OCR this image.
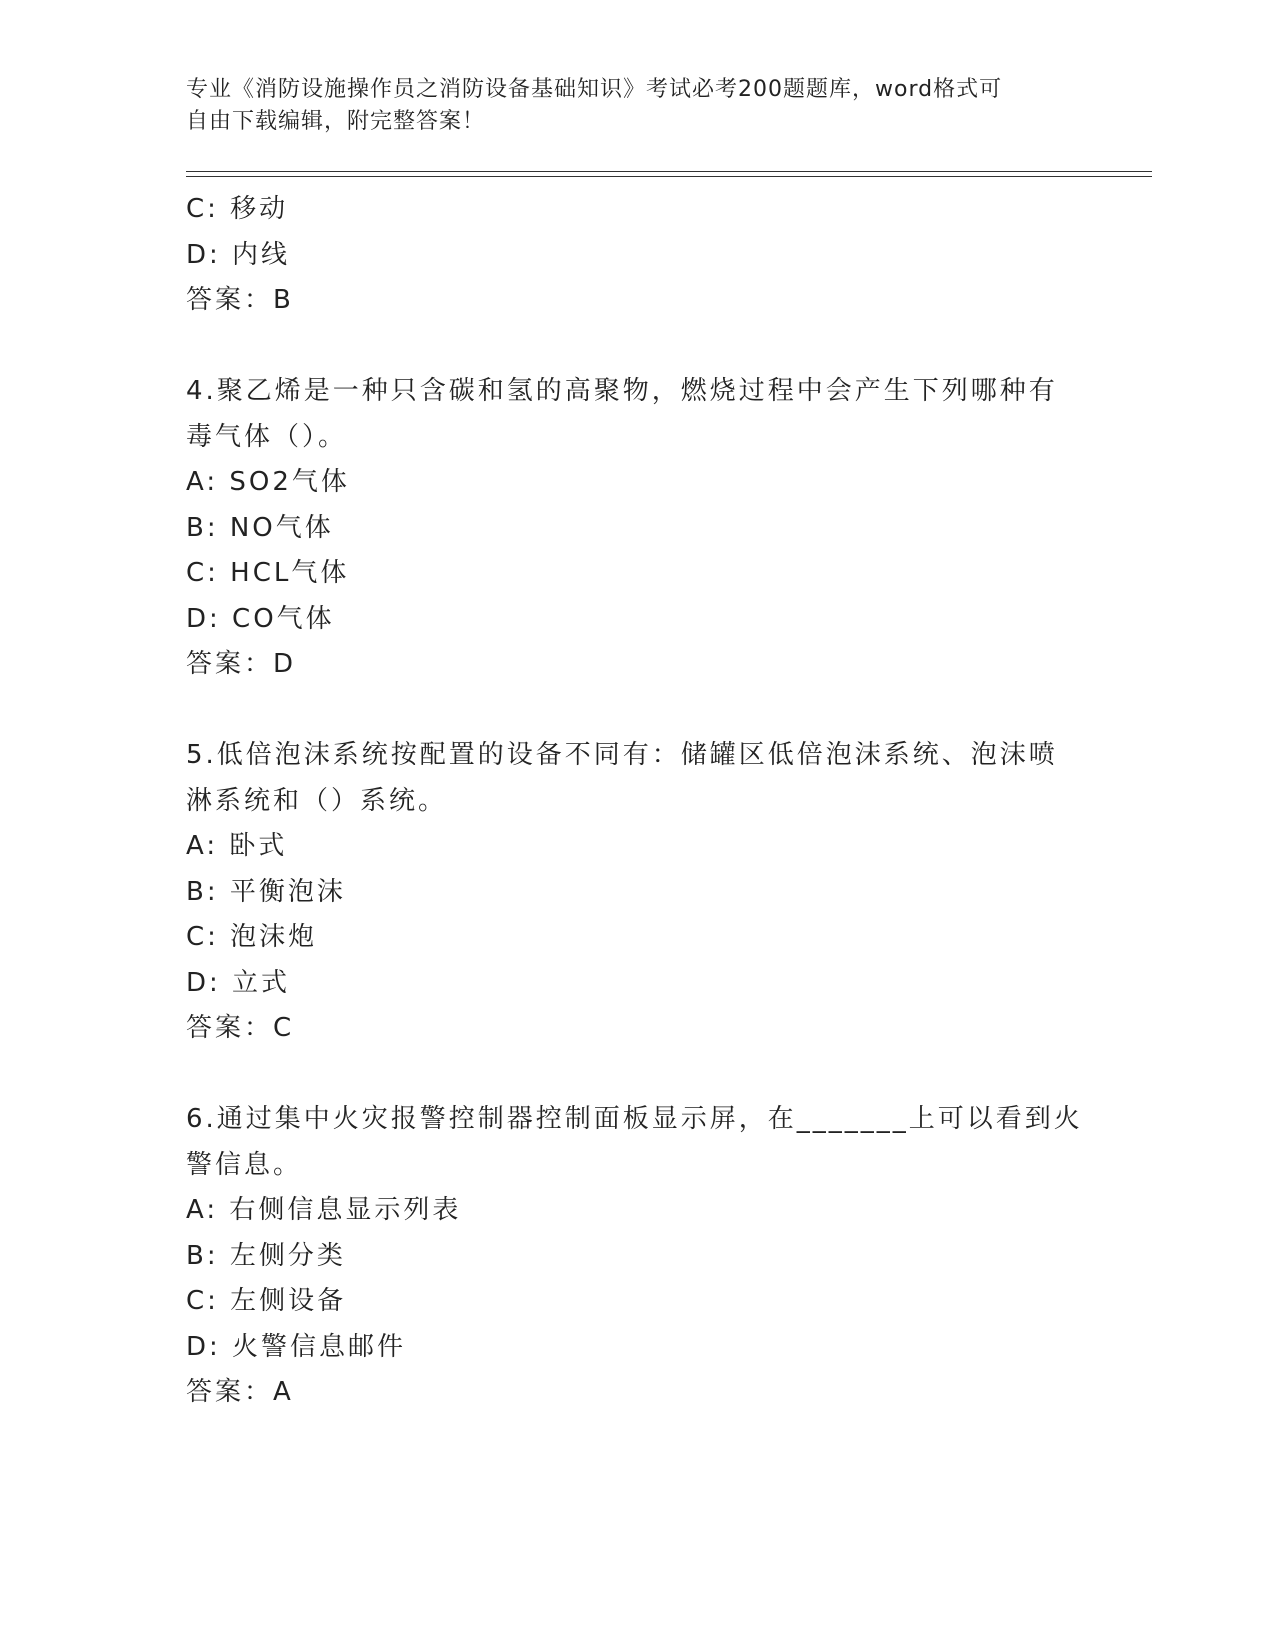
专业《消防设施操作员之消防设备基础知识》考试必考200题题库，word格式可
自由下载编辑，附完整答案！
C: 移动
D: 内线
答案：B
4.聚乙烯是一种只含碳和氢的高聚物，燃烧过程中会产生下列哪种有
毒气体（）。
A: SO2气体
B: NO气体
C: HCL气体
D: CO气体
答案：D
5.低倍泡沫系统按配置的设备不同有：储罐区低倍泡沫系统、泡沫喷
淋系统和（）系统。
A: 卧式
B: 平衡泡沫
C: 泡沫炮
D: 立式
答案：C
6.通过集中火灾报警控制器控制面板显示屏，在_______上可以看到火
警信息。
A: 右侧信息显示列表
B: 左侧分类
C: 左侧设备
D: 火警信息邮件
答案：A
